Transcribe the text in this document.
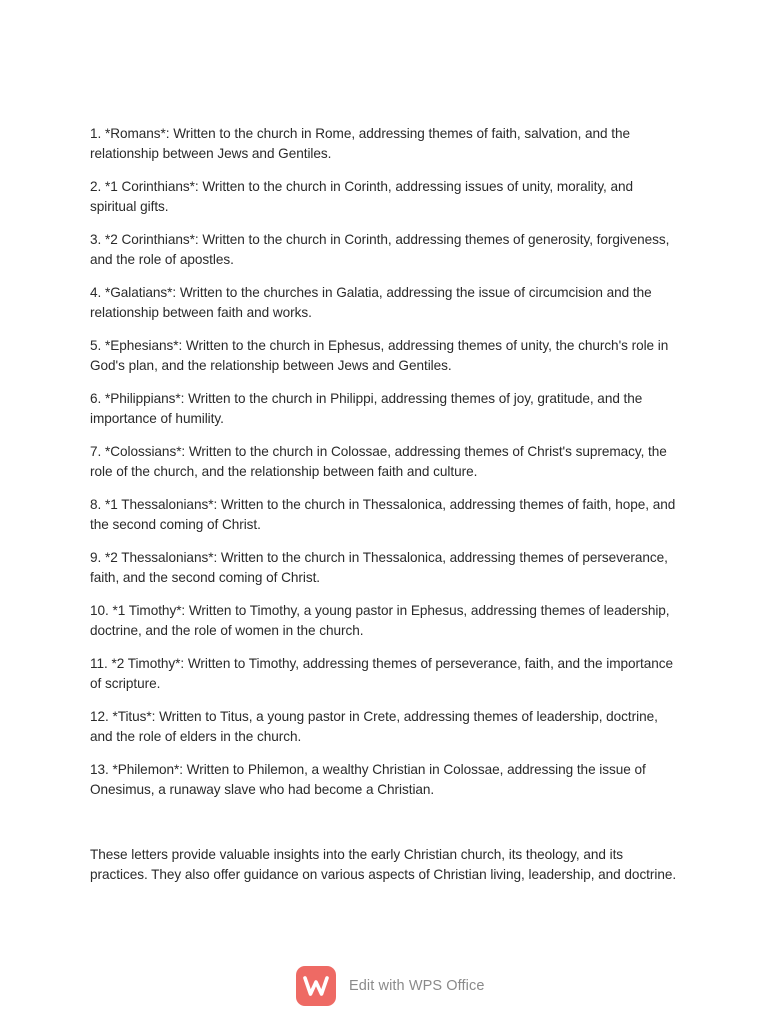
1. *Romans*: Written to the church in Rome, addressing themes of faith, salvation, and the relationship between Jews and Gentiles.
2. *1 Corinthians*: Written to the church in Corinth, addressing issues of unity, morality, and spiritual gifts.
3. *2 Corinthians*: Written to the church in Corinth, addressing themes of generosity, forgiveness, and the role of apostles.
4. *Galatians*: Written to the churches in Galatia, addressing the issue of circumcision and the relationship between faith and works.
5. *Ephesians*: Written to the church in Ephesus, addressing themes of unity, the church's role in God's plan, and the relationship between Jews and Gentiles.
6. *Philippians*: Written to the church in Philippi, addressing themes of joy, gratitude, and the importance of humility.
7. *Colossians*: Written to the church in Colossae, addressing themes of Christ's supremacy, the role of the church, and the relationship between faith and culture.
8. *1 Thessalonians*: Written to the church in Thessalonica, addressing themes of faith, hope, and the second coming of Christ.
9. *2 Thessalonians*: Written to the church in Thessalonica, addressing themes of perseverance, faith, and the second coming of Christ.
10. *1 Timothy*: Written to Timothy, a young pastor in Ephesus, addressing themes of leadership, doctrine, and the role of women in the church.
11. *2 Timothy*: Written to Timothy, addressing themes of perseverance, faith, and the importance of scripture.
12. *Titus*: Written to Titus, a young pastor in Crete, addressing themes of leadership, doctrine, and the role of elders in the church.
13. *Philemon*: Written to Philemon, a wealthy Christian in Colossae, addressing the issue of Onesimus, a runaway slave who had become a Christian.

These letters provide valuable insights into the early Christian church, its theology, and its practices. They also offer guidance on various aspects of Christian living, leadership, and doctrine.

Edit with WPS Office
